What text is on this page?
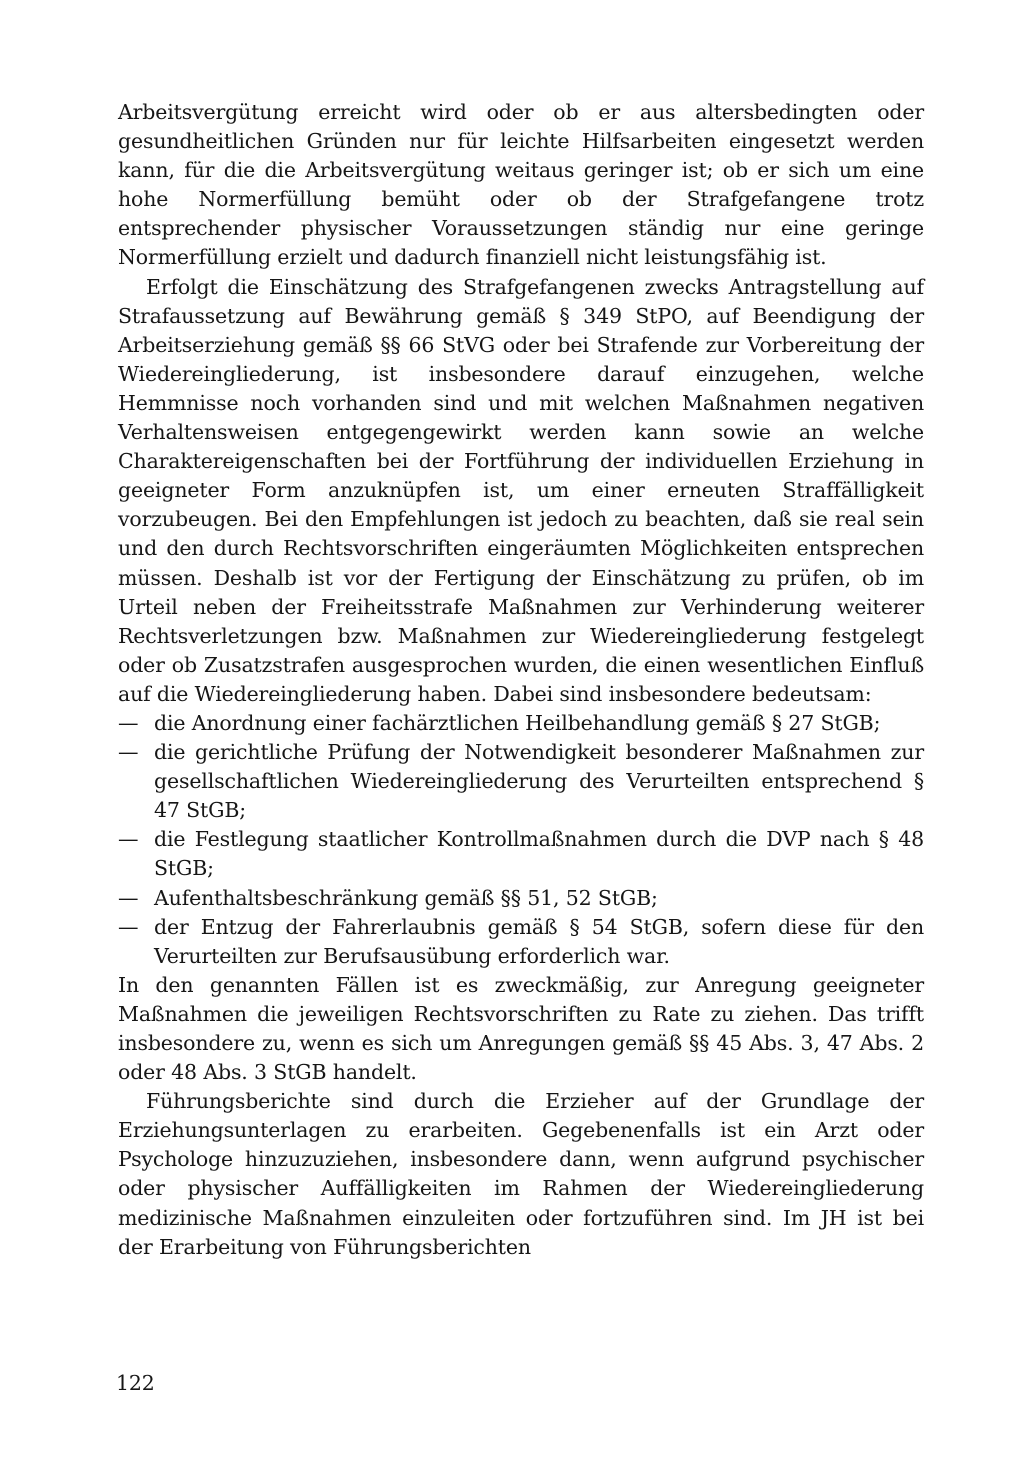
Arbeitsvergütung erreicht wird oder ob er aus altersbedingten oder gesundheitlichen Gründen nur für leichte Hilfsarbeiten eingesetzt werden kann, für die die Arbeitsvergütung weitaus geringer ist; ob er sich um eine hohe Normerfüllung bemüht oder ob der Strafgefangene trotz entsprechender physischer Voraussetzungen ständig nur eine geringe Normerfüllung erzielt und dadurch finanziell nicht leistungsfähig ist.

Erfolgt die Einschätzung des Strafgefangenen zwecks Antragstellung auf Strafaussetzung auf Bewährung gemäß § 349 StPO, auf Beendigung der Arbeitserziehung gemäß §§ 66 StVG oder bei Strafende zur Vorbereitung der Wiedereingliederung, ist insbesondere darauf einzugehen, welche Hemmnisse noch vorhanden sind und mit welchen Maßnahmen negativen Verhaltensweisen entgegengewirkt werden kann sowie an welche Charaktereigenschaften bei der Fortführung der individuellen Erziehung in geeigneter Form anzuknüpfen ist, um einer erneuten Straffälligkeit vorzubeugen. Bei den Empfehlungen ist jedoch zu beachten, daß sie real sein und den durch Rechtsvorschriften eingeräumten Möglichkeiten entsprechen müssen. Deshalb ist vor der Fertigung der Einschätzung zu prüfen, ob im Urteil neben der Freiheitsstrafe Maßnahmen zur Verhinderung weiterer Rechtsverletzungen bzw. Maßnahmen zur Wiedereingliederung festgelegt oder ob Zusatzstrafen ausgesprochen wurden, die einen wesentlichen Einfluß auf die Wiedereingliederung haben. Dabei sind insbesondere bedeutsam:

— die Anordnung einer fachärztlichen Heilbehandlung gemäß § 27 StGB;
— die gerichtliche Prüfung der Notwendigkeit besonderer Maßnahmen zur gesellschaftlichen Wiedereingliederung des Verurteilten entsprechend § 47 StGB;
— die Festlegung staatlicher Kontrollmaßnahmen durch die DVP nach § 48 StGB;
— Aufenthaltsbeschränkung gemäß §§ 51, 52 StGB;
— der Entzug der Fahrerlaubnis gemäß § 54 StGB, sofern diese für den Verurteilten zur Berufsausübung erforderlich war.

In den genannten Fällen ist es zweckmäßig, zur Anregung geeigneter Maßnahmen die jeweiligen Rechtsvorschriften zu Rate zu ziehen. Das trifft insbesondere zu, wenn es sich um Anregungen gemäß §§ 45 Abs. 3, 47 Abs. 2 oder 48 Abs. 3 StGB handelt.

Führungsberichte sind durch die Erzieher auf der Grundlage der Erziehungsunterlagen zu erarbeiten. Gegebenenfalls ist ein Arzt oder Psychologe hinzuzuziehen, insbesondere dann, wenn aufgrund psychischer oder physischer Auffälligkeiten im Rahmen der Wiedereingliederung medizinische Maßnahmen einzuleiten oder fortzuführen sind. Im JH ist bei der Erarbeitung von Führungsberichten

122
